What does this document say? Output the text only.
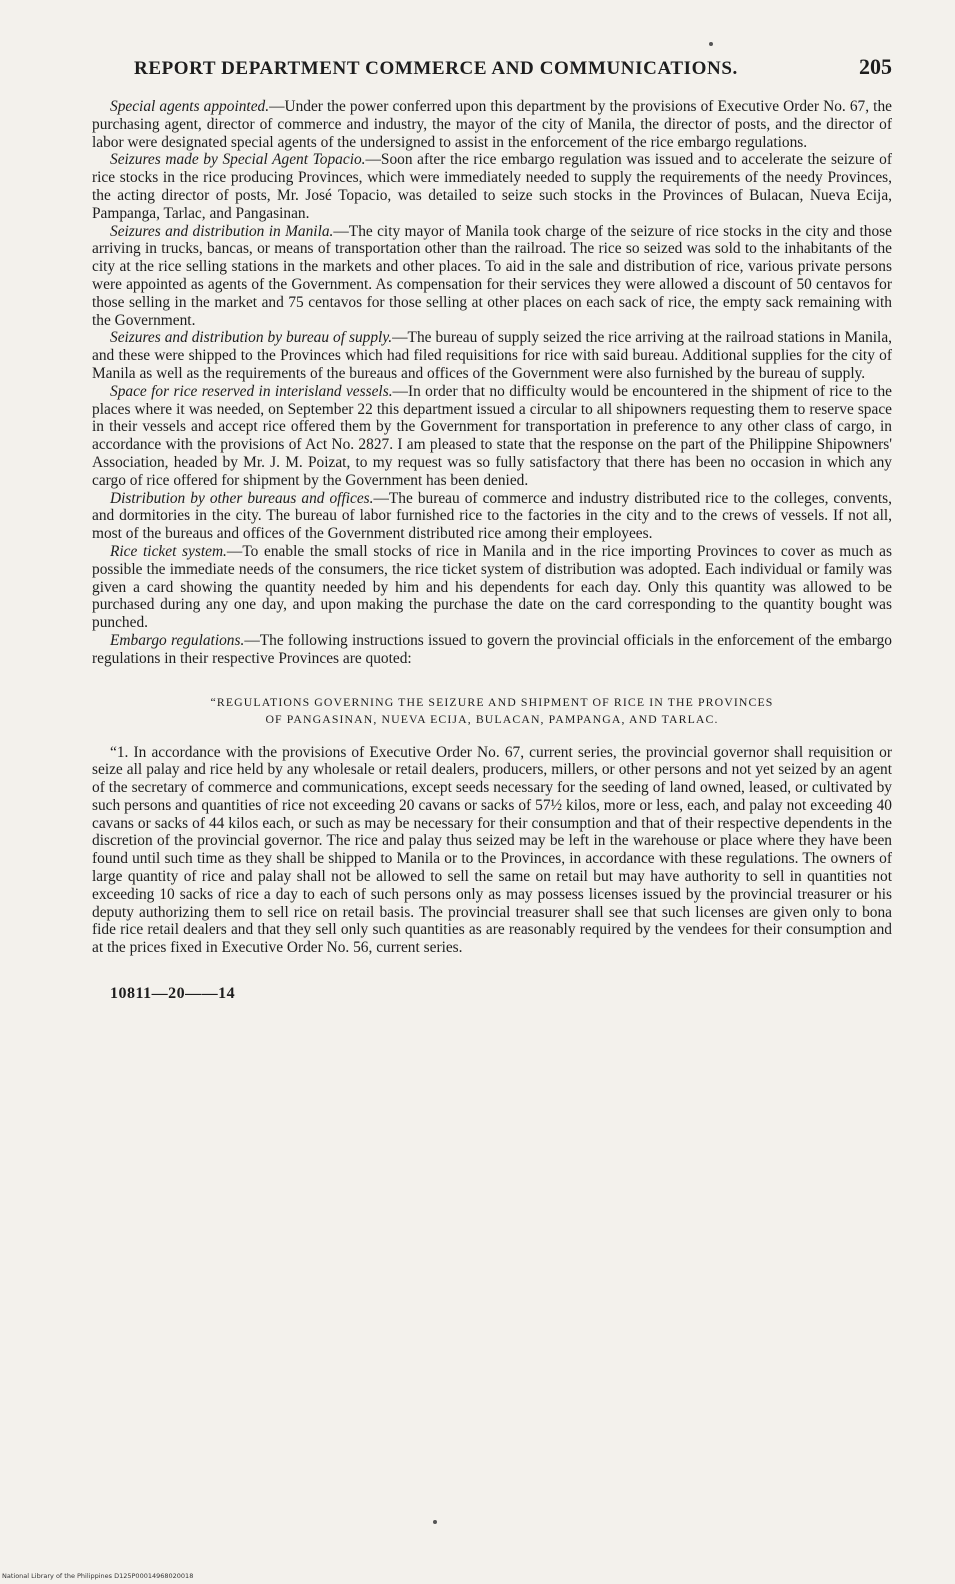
REPORT DEPARTMENT COMMERCE AND COMMUNICATIONS.	205

Special agents appointed.—Under the power conferred upon this department by the provisions of Executive Order No. 67, the purchasing agent, director of commerce and industry, the mayor of the city of Manila, the director of posts, and the director of labor were designated special agents of the undersigned to assist in the enforcement of the rice embargo regulations.

Seizures made by Special Agent Topacio.—Soon after the rice embargo regulation was issued and to accelerate the seizure of rice stocks in the rice producing Provinces, which were immediately needed to supply the requirements of the needy Provinces, the acting director of posts, Mr. José Topacio, was detailed to seize such stocks in the Provinces of Bulacan, Nueva Ecija, Pampanga, Tarlac, and Pangasinan.

Seizures and distribution in Manila.—The city mayor of Manila took charge of the seizure of rice stocks in the city and those arriving in trucks, bancas, or means of transportation other than the railroad. The rice so seized was sold to the inhabitants of the city at the rice selling stations in the markets and other places. To aid in the sale and distribution of rice, various private persons were appointed as agents of the Government. As compensation for their services they were allowed a discount of 50 centavos for those selling in the market and 75 centavos for those selling at other places on each sack of rice, the empty sack remaining with the Government.

Seizures and distribution by bureau of supply.—The bureau of supply seized the rice arriving at the railroad stations in Manila, and these were shipped to the Provinces which had filed requisitions for rice with said bureau. Additional supplies for the city of Manila as well as the requirements of the bureaus and offices of the Government were also furnished by the bureau of supply.

Space for rice reserved in interisland vessels.—In order that no difficulty would be encountered in the shipment of rice to the places where it was needed, on September 22 this department issued a circular to all shipowners requesting them to reserve space in their vessels and accept rice offered them by the Government for transportation in preference to any other class of cargo, in accordance with the provisions of Act No. 2827. I am pleased to state that the response on the part of the Philippine Shipowners' Association, headed by Mr. J. M. Poizat, to my request was so fully satisfactory that there has been no occasion in which any cargo of rice offered for shipment by the Government has been denied.

Distribution by other bureaus and offices.—The bureau of commerce and industry distributed rice to the colleges, convents, and dormitories in the city. The bureau of labor furnished rice to the factories in the city and to the crews of vessels. If not all, most of the bureaus and offices of the Government distributed rice among their employees.

Rice ticket system.—To enable the small stocks of rice in Manila and in the rice importing Provinces to cover as much as possible the immediate needs of the consumers, the rice ticket system of distribution was adopted. Each individual or family was given a card showing the quantity needed by him and his dependents for each day. Only this quantity was allowed to be purchased during any one day, and upon making the purchase the date on the card corresponding to the quantity bought was punched.

Embargo regulations.—The following instructions issued to govern the provincial officials in the enforcement of the embargo regulations in their respective Provinces are quoted:

“REGULATIONS GOVERNING THE SEIZURE AND SHIPMENT OF RICE IN THE PROVINCES
OF PANGASINAN, NUEVA ECIJA, BULACAN, PAMPANGA, AND TARLAC.

“1. In accordance with the provisions of Executive Order No. 67, current series, the provincial governor shall requisition or seize all palay and rice held by any wholesale or retail dealers, producers, millers, or other persons and not yet seized by an agent of the secretary of commerce and communications, except seeds necessary for the seeding of land owned, leased, or cultivated by such persons and quantities of rice not exceeding 20 cavans or sacks of 57½ kilos, more or less, each, and palay not exceeding 40 cavans or sacks of 44 kilos each, or such as may be necessary for their consumption and that of their respective dependents in the discretion of the provincial governor. The rice and palay thus seized may be left in the warehouse or place where they have been found until such time as they shall be shipped to Manila or to the Provinces, in accordance with these regulations. The owners of large quantity of rice and palay shall not be allowed to sell the same on retail but may have authority to sell in quantities not exceeding 10 sacks of rice a day to each of such persons only as may possess licenses issued by the provincial treasurer or his deputy authorizing them to sell rice on retail basis. The provincial treasurer shall see that such licenses are given only to bona fide rice retail dealers and that they sell only such quantities as are reasonably required by the vendees for their consumption and at the prices fixed in Executive Order No. 56, current series.

10811—20——14
National Library of the Philippines D125P00014968020018
